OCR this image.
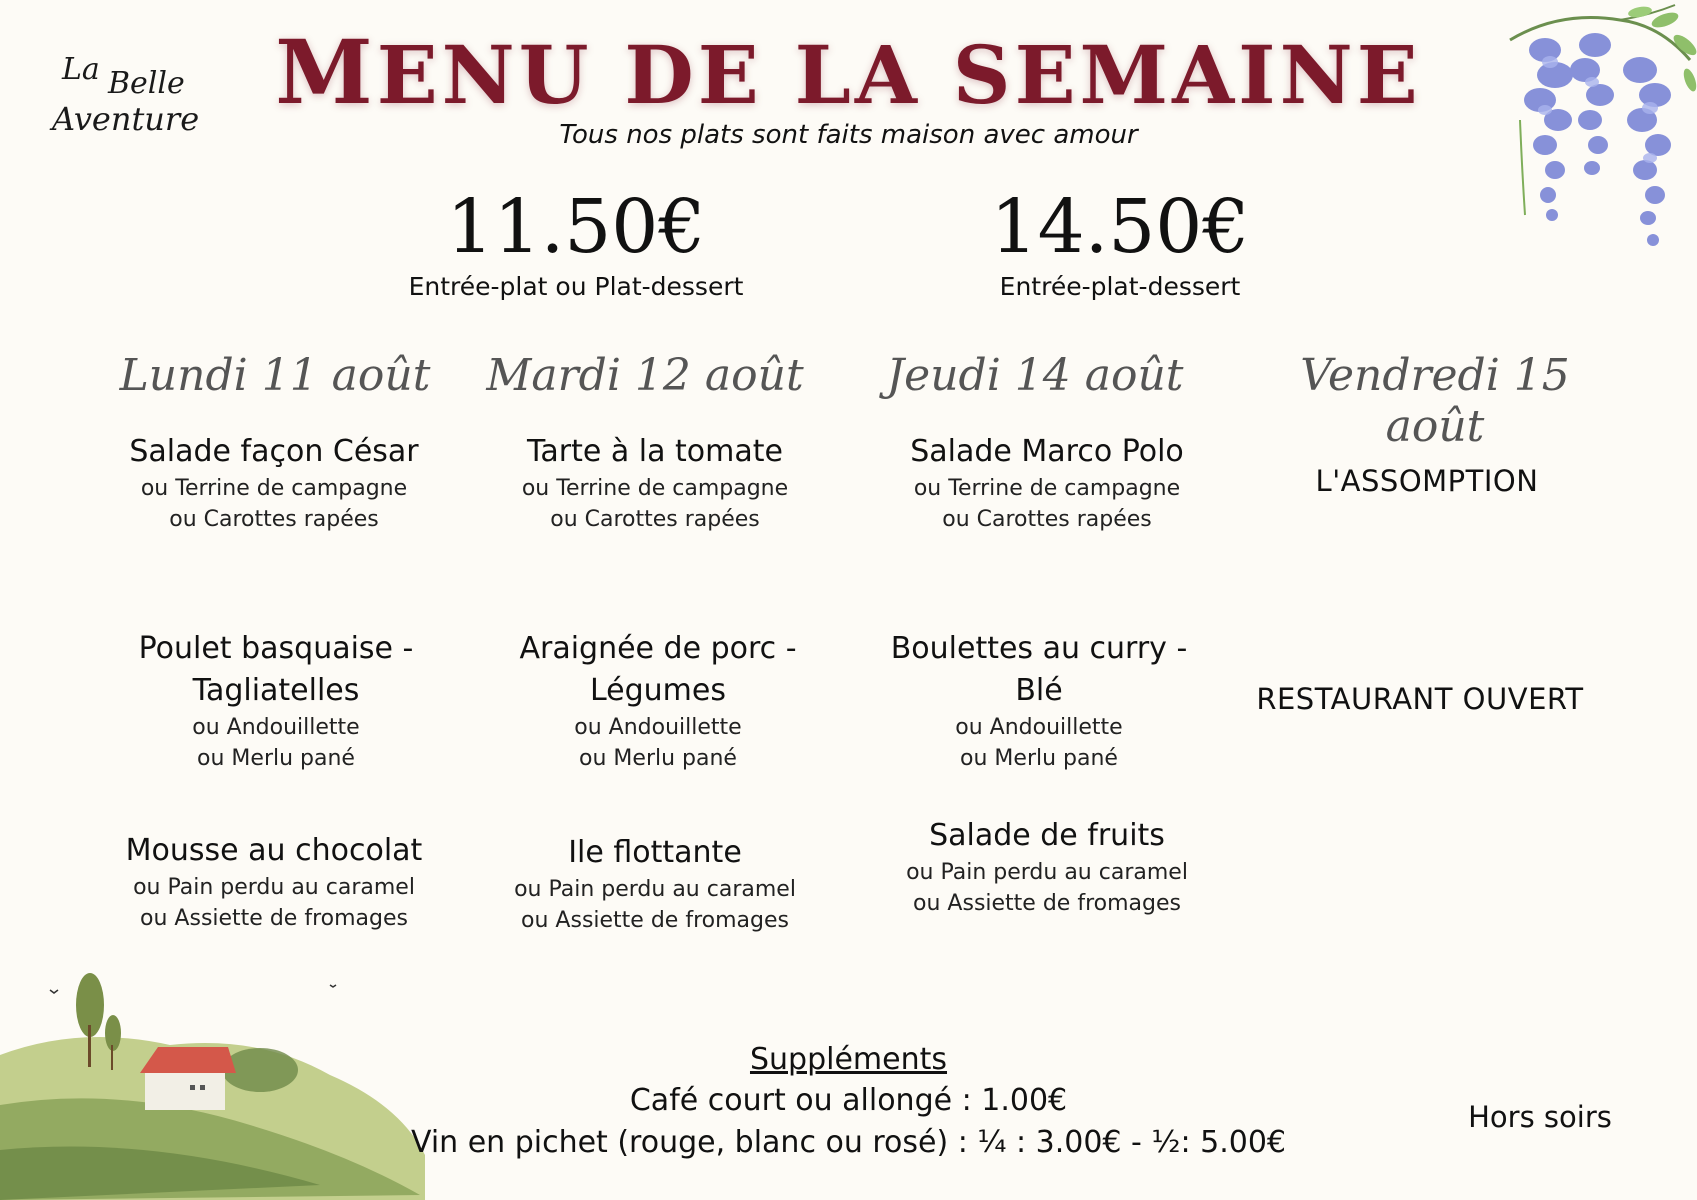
La Belle
Aventure MENU DE LA SEMAINE
Tous nos plats sont faits maison avec amour
11.50€
Entrée-plat ou Plat-dessert
14.50€
Entrée-plat-dessert
Lundi 11 août	Mardi 12 août	Jeudi 14 août	Vendredi 15 août
Salade façon César
ou Terrine de campagne
ou Carottes rapées
Tarte à la tomate
ou Terrine de campagne
ou Carottes rapées
Salade Marco Polo
ou Terrine de campagne
ou Carottes rapées
L'ASSOMPTION
Poulet basquaise -
Tagliatelles
ou Andouillette
ou Merlu pané
Araignée de porc -
Légumes
ou Andouillette
ou Merlu pané
Boulettes au curry -
Blé
ou Andouillette
ou Merlu pané
RESTAURANT OUVERT
Mousse au chocolat
ou Pain perdu au caramel
ou Assiette de fromages
Ile flottante
ou Pain perdu au caramel
ou Assiette de fromages
Salade de fruits
ou Pain perdu au caramel
ou Assiette de fromages
Suppléments
Café court ou allongé : 1.00€
Vin en pichet (rouge, blanc ou rosé) : ¼ : 3.00€ - ½: 5.00€
Hors soirs
